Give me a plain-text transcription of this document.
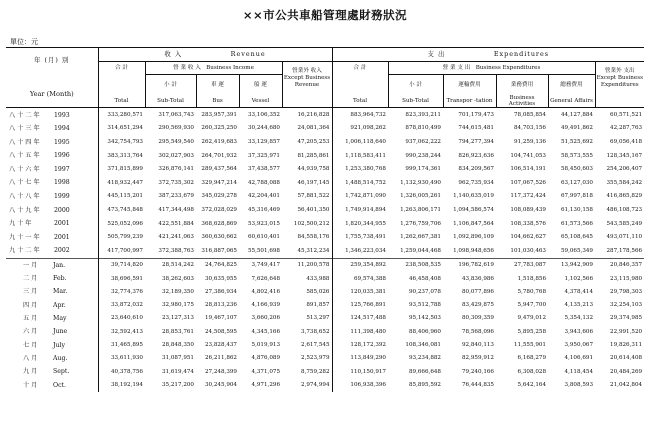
××市公共車船管理處財務狀況
單位：元
年 (月) 別
Year (Month)	收 入 Revenue					支 出 Expenditures					
	合 計	營 業 收 入 Business Income			營業外 收入
Except Business Revenue	合 計	營 業 支 出 Business Expenditures				營業外 支出
Except Business Expenditures
		小 計	車 運	船 運			小 計	運輸費用	業務費用	總務費用	
	Total	Sub-Total	Bus	Vessel		Total	Sub-Total	Transpor -tation	Business Activities	General Affairs	
八 十 二 年 1993	333,280,571	317,063,743	283,957,391	33,106,352	16,216,828	883,964,732	823,393,211	701,179,473	78,085,854	44,127,884	60,571,521
八 十 三 年 1994	314,651,294	290,569,930	260,325,250	30,244,680	24,081,364	921,098,262	878,810,499	744,615,481	84,703,156	49,491,862	42,287,763
八 十 四 年 1995	342,754,793	295,549,540	262,419,683	33,129,857	47,205,253	1,006,118,640	937,062,222	794,277,394	91,259,136	51,525,692	69,056,418
八 十 五 年 1996	383,313,764	302,027,903	264,701,932	37,325,971	81,285,861	1,118,583,411	990,238,244	826,923,636	104,741,053	58,573,555	128,345,167
八 十 六 年 1997	371,815,899	326,876,141	289,437,564	37,438,577	44,939,758	1,253,380,768	999,174,361	834,209,567	106,514,191	58,450,603	254,206,407
八 十 七 年 1998	418,932,447	372,735,302	329,947,214	42,788,088	46,197,145	1,488,514,752	1,132,930,490	962,735,934	107,067,526	63,127,030	355,584,242
八 十 八 年 1999	445,115,201	387,233,679	345,029,278	42,204,401	57,881,522	1,742,871,090	1,326,005,261	1,140,635,019	117,372,424	67,997,818	416,865,829
八 十 九 年 2000	473,745,848	417,344,498	372,028,029	45,316,469	56,401,350	1,749,914,894	1,263,806,171	1,094,586,574	108,089,439	61,130,158	486,108,723
九 十 年 2001	525,052,096	422,551,884	368,628,869	53,923,015	102,500,212	1,820,344,955	1,276,759,706	1,106,847,564	108,338,576	61,573,566	543,585,249
九 十 一 年 2001	505,799,239	421,241,063	360,630,662	60,610,401	84,558,176	1,755,738,491	1,262,667,381	1,092,896,109	104,662,627	65,108,645	493,071,110
九 十 二 年 2002	417,700,997	372,388,763	316,887,065	55,501,698	45,312,234	1,346,223,034	1,259,044,468	1,098,948,656	101,030,463	59,065,349	287,178,566
一 月 Jan.	39,714,820	28,514,242	24,764,825	3,749,417	11,200,578	259,354,892	238,508,535	196,782,619	27,783,087	13,942,909	20,846,357
二 月 Feb.	38,696,591	38,262,603	30,635,955	7,626,648	433,988	69,574,388	46,458,408	43,836,986	1,518,856	1,102,566	23,115,980
三 月 Mar.	32,774,376	32,189,350	27,386,934	4,802,416	585,026	120,035,381	90,237,078	80,077,896	5,780,768	4,378,414	29,798,303
四 月 Apr.	33,872,032	32,980,175	28,813,236	4,166,939	891,857	125,766,891	93,512,788	83,429,875	5,947,700	4,135,213	32,254,103
五 月 May	23,640,610	23,127,313	19,467,107	3,660,206	513,297	124,517,488	95,142,503	80,309,359	9,479,012	5,354,132	29,374,985
六 月 June	32,592,413	28,853,761	24,508,595	4,345,166	3,738,652	111,398,480	88,406,960	78,568,096	5,895,258	3,943,606	22,991,520
七 月 July	31,465,895	28,848,350	23,828,437	5,019,913	2,617,545	128,172,392	108,346,081	92,840,113	11,555,901	3,950,067	19,826,311
八 月 Aug.	33,611,930	31,087,951	26,211,862	4,876,089	2,523,979	113,849,290	93,234,882	82,959,912	6,168,279	4,106,691	20,614,408
九 月 Sept.	40,378,756	31,619,474	27,248,399	4,371,075	8,759,282	110,150,917	89,666,648	79,240,166	6,308,028	4,118,454	20,484,269
十 月 Oct.	38,192,194	35,217,200	30,245,904	4,971,296	2,974,994	106,938,396	85,895,592	76,444,835	5,642,164	3,808,593	21,042,804
